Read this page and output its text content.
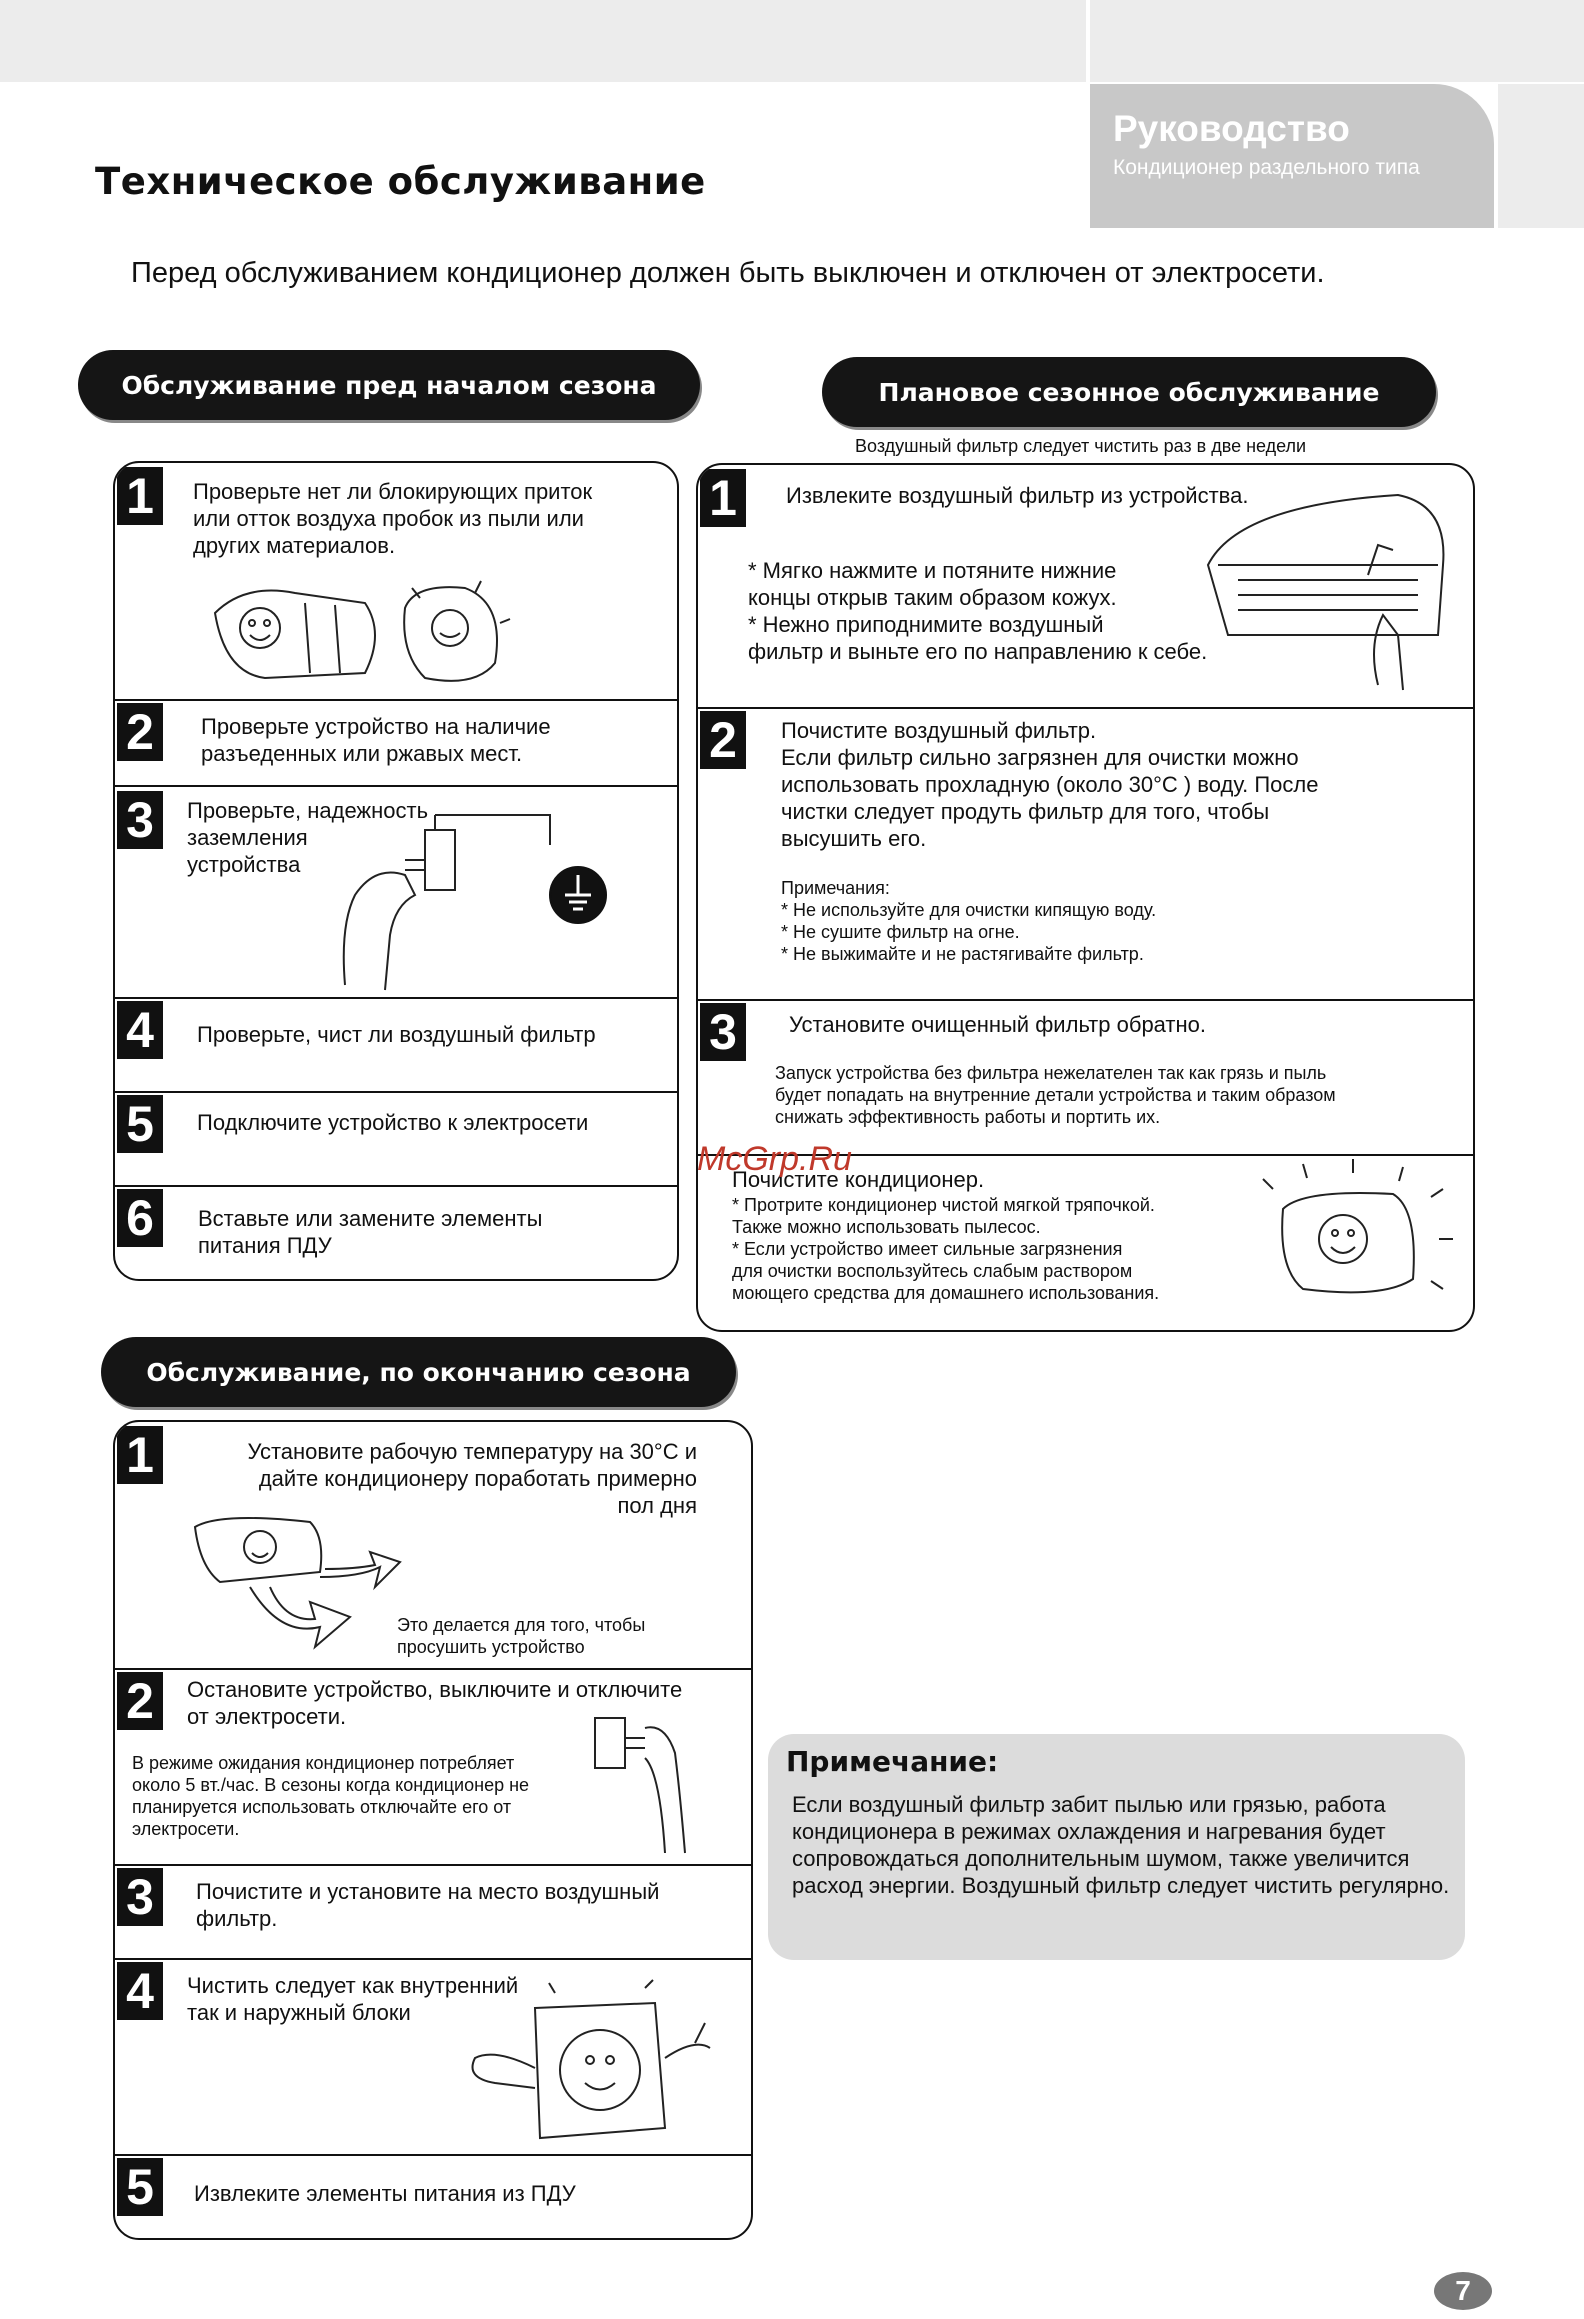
Руководство
Кондиционер раздельного типа
Техническое обслуживание
Перед обслуживанием кондиционер должен быть выключен и отключен от электросети.
Обслуживание пред началом сезона
1	Проверьте нет ли блокирующих приток
или отток воздуха пробок из пыли или
других материалов.
2	Проверьте устройство на наличие
разъеденных или ржавых мест.
3	Проверьте, надежность
заземления
устройства
4	Проверьте, чист ли воздушный фильтр
5	Подключите устройство к электросети
6	Вставьте или замените элементы
питания ПДУ
Плановое сезонное обслуживание
Воздушный фильтр следует чистить раз в две недели
1	Извлеките воздушный фильтр из устройства.
* Мягко нажмите и потяните нижние
концы открыв таким образом кожух.
* Нежно приподнимите воздушный
фильтр и выньте его по направлению к себе.
2	Почистите воздушный фильтр.
Если фильтр сильно загрязнен для очистки можно
использовать прохладную (около 30°C ) воду. После
чистки следует продуть фильтр для того, чтобы
высушить его.
Примечания:
* Не используйте для очистки кипящую воду.
* Не сушите фильтр на огне.
* Не выжимайте и не растягивайте фильтр.
3	Установите очищенный фильтр обратно.
Запуск устройства без фильтра нежелателен так как грязь и пыль
будет попадать на внутренние детали устройства и таким образом
снижать эффективность работы и портить их.
Почистите кондиционер.
* Протрите кондиционер чистой мягкой тряпочкой.
Также можно использовать пылесос.
* Если устройство имеет сильные загрязнения
для очистки воспользуйтесь слабым раствором
моющего средства для домашнего использования.
Обслуживание, по окончанию сезона
1	Установите рабочую температуру на 30°C и
дайте кондиционеру поработать примерно
пол дня
Это делается для того, чтобы
просушить устройство
2	Остановите устройство, выключите и отключите
от электросети.
В режиме ожидания кондиционер потребляет
около 5 вт./час. В сезоны когда кондиционер не
планируется использовать отключайте его от
электросети.
3	Почистите и установите на место воздушный
фильтр.
4	Чистить следует как внутренний
так и наружный блоки
5	Извлеките элементы питания из ПДУ
Примечание:
Если воздушный фильтр забит пылью или грязью, работа кондиционера в режимах охлаждения и нагревания будет сопровождаться дополнительным шумом, также увеличится расход энергии. Воздушный фильтр следует чистить регулярно.
McGrp.Ru
7
